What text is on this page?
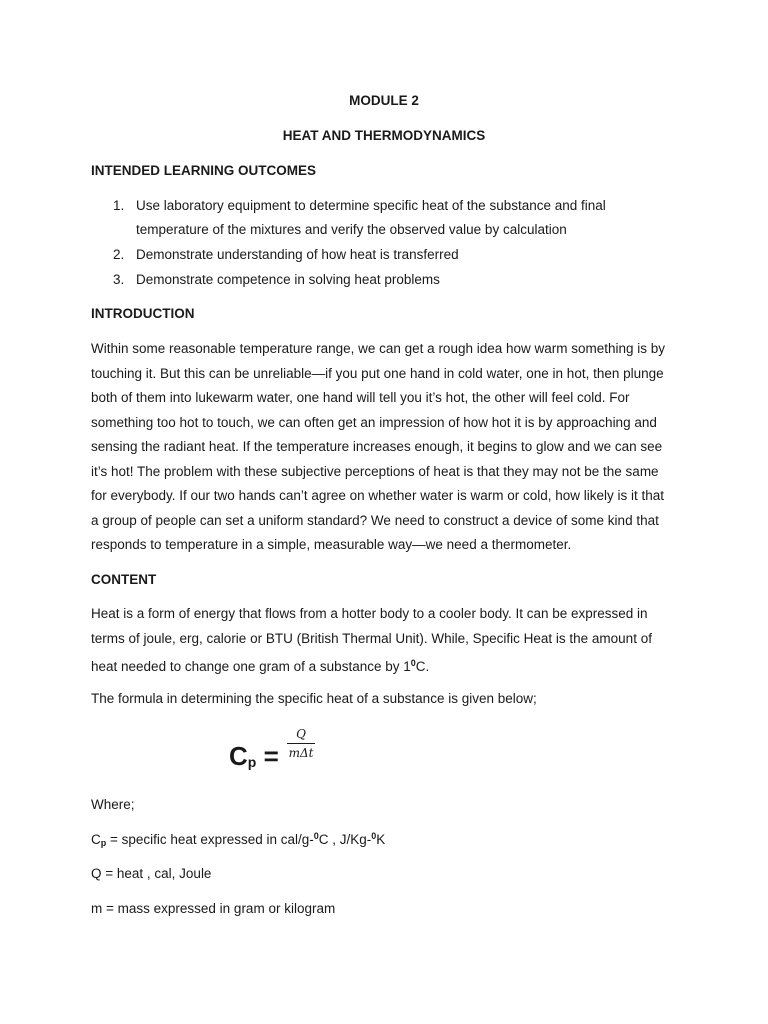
MODULE 2
HEAT AND THERMODYNAMICS
INTENDED LEARNING OUTCOMES
1. Use laboratory equipment to determine specific heat of the substance and final
temperature of the mixtures and verify the observed value by calculation
2. Demonstrate understanding of how heat is transferred
3. Demonstrate competence in solving heat problems
INTRODUCTION
Within some reasonable temperature range, we can get a rough idea how warm something is by
touching it. But this can be unreliable—if you put one hand in cold water, one in hot, then plunge
both of them into lukewarm water, one hand will tell you it’s hot, the other will feel cold. For
something too hot to touch, we can often get an impression of how hot it is by approaching and
sensing the radiant heat. If the temperature increases enough, it begins to glow and we can see
it’s hot! The problem with these subjective perceptions of heat is that they may not be the same
for everybody. If our two hands can’t agree on whether water is warm or cold, how likely is it that
a group of people can set a uniform standard? We need to construct a device of some kind that
responds to temperature in a simple, measurable way—we need a thermometer.
CONTENT
Heat is a form of energy that flows from a hotter body to a cooler body. It can be expressed in
terms of joule, erg, calorie or BTU (British Thermal Unit). While, Specific Heat is the amount of
heat needed to change one gram of a substance by $1^0C$.
The formula in determining the specific heat of a substance is given below;
$C_p$ =
Q
mΔt
Where;
Cp = specific heat expressed in cal/g-$^0$C , J/Kg-$^0$K
Q = heat , cal, Joule
m = mass expressed in gram or kilogram
